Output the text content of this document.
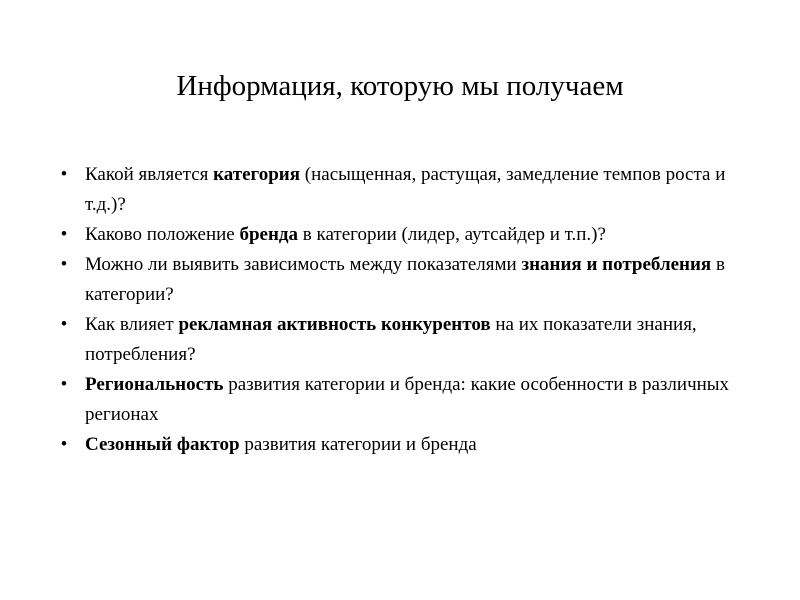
Информация, которую мы получаем
• Какой является категория (насыщенная, растущая, замедление темпов роста и т.д.)?
• Каково положение бренда в категории (лидер, аутсайдер и т.п.)?
• Можно ли выявить зависимость между показателями знания и потребления в категории?
• Как влияет рекламная активность конкурентов на их показатели знания, потребления?
• Региональность развития категории и бренда: какие особенности в различных регионах
• Сезонный фактор развития категории и бренда
